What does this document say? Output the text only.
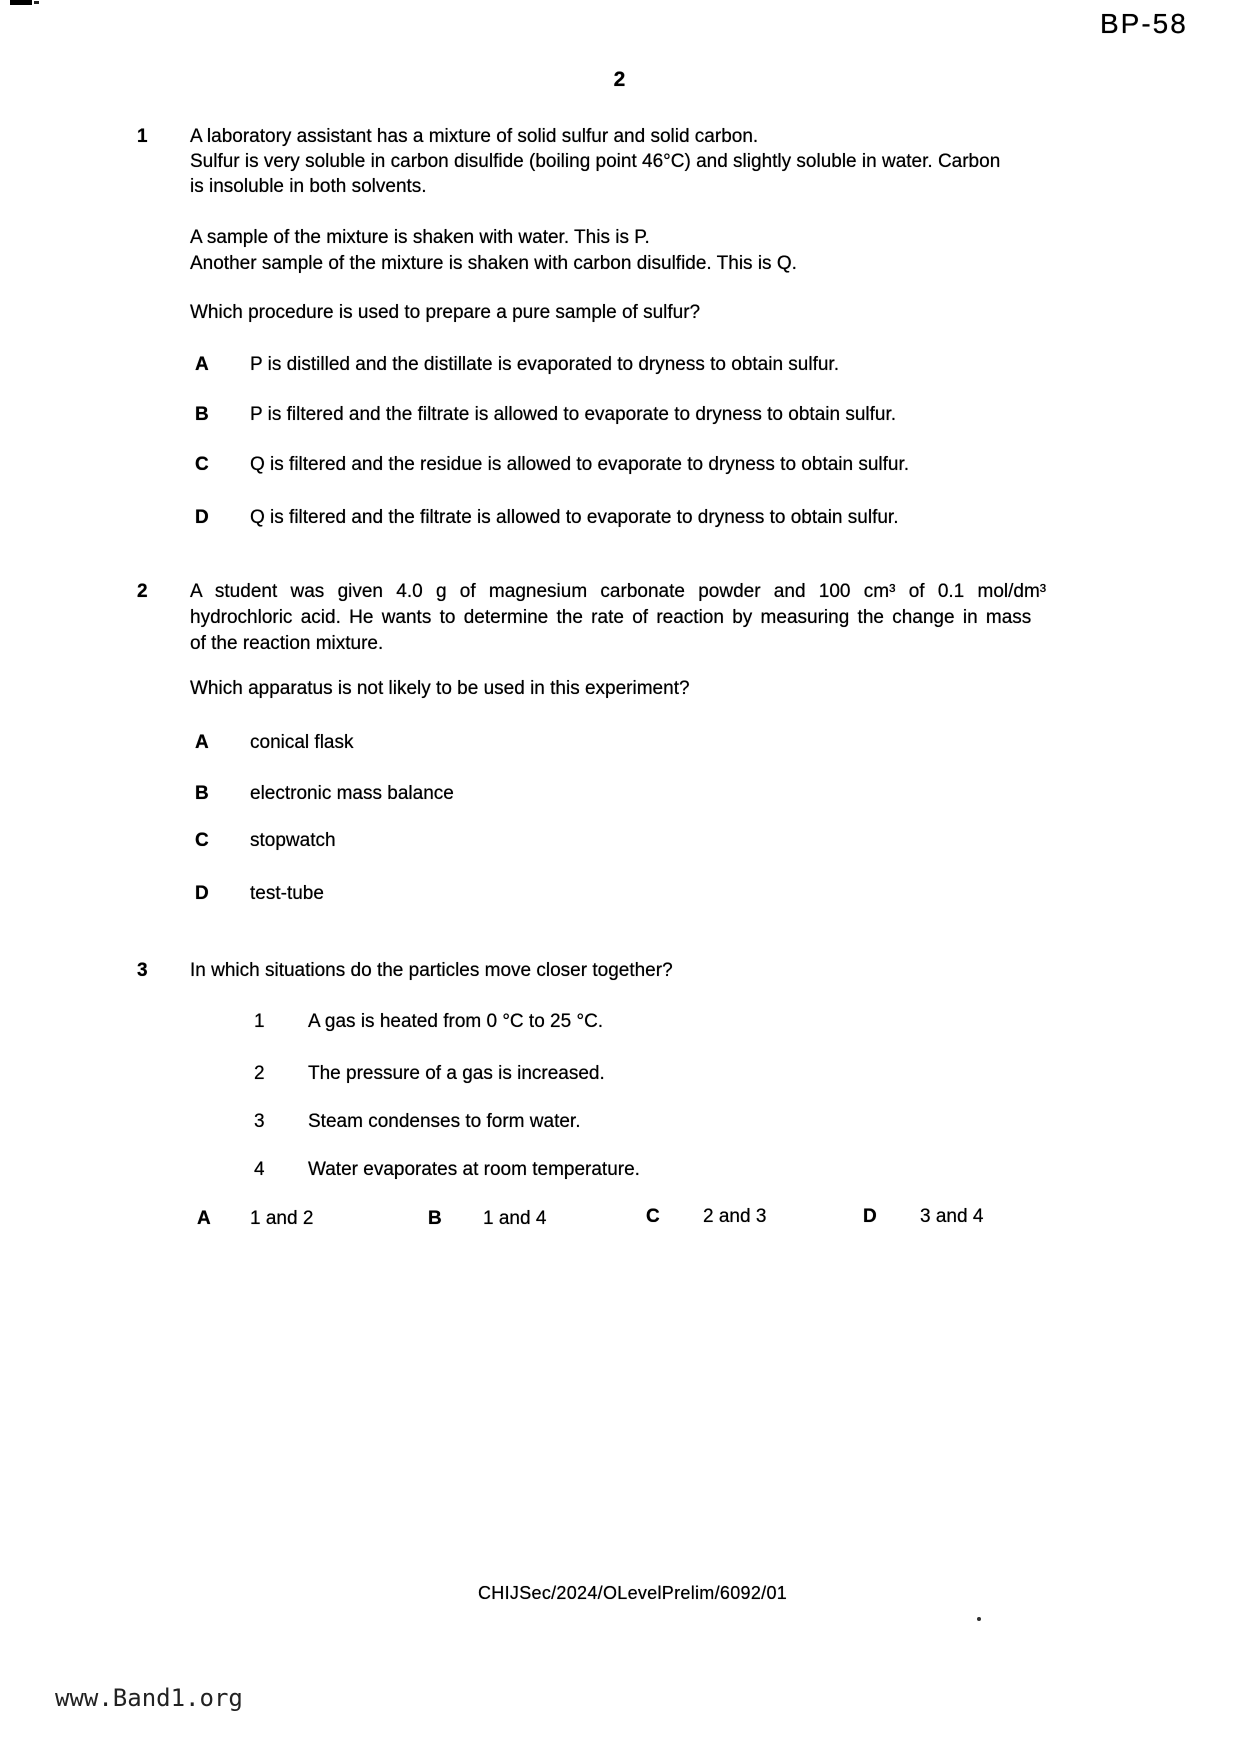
BP-58
2
1 A laboratory assistant has a mixture of solid sulfur and solid carbon.
Sulfur is very soluble in carbon disulfide (boiling point 46°C) and slightly soluble in water. Carbon
is insoluble in both solvents.
A sample of the mixture is shaken with water. This is P.
Another sample of the mixture is shaken with carbon disulfide. This is Q.
Which procedure is used to prepare a pure sample of sulfur?
A P is distilled and the distillate is evaporated to dryness to obtain sulfur.
B P is filtered and the filtrate is allowed to evaporate to dryness to obtain sulfur.
C Q is filtered and the residue is allowed to evaporate to dryness to obtain sulfur.
D Q is filtered and the filtrate is allowed to evaporate to dryness to obtain sulfur.
2 A student was given 4.0 g of magnesium carbonate powder and 100 cm³ of 0.1 mol/dm³
hydrochloric acid. He wants to determine the rate of reaction by measuring the change in mass
of the reaction mixture.
Which apparatus is not likely to be used in this experiment?
A conical flask
B electronic mass balance
C stopwatch
D test-tube
3 In which situations do the particles move closer together?
1 A gas is heated from 0 °C to 25 °C.
2 The pressure of a gas is increased.
3 Steam condenses to form water.
4 Water evaporates at room temperature.
A 1 and 2	B 1 and 4	C 2 and 3	D 3 and 4
CHIJSec/2024/OLevelPrelim/6092/01
www.Band1.org
